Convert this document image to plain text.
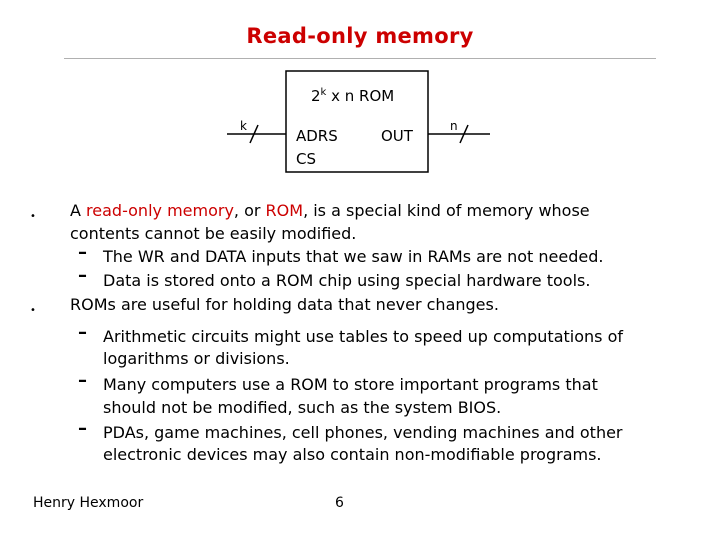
Read-only memory
2$^k$ x n ROM
k
ADRS
CS
OUT
n
• A read-only memory, or ROM, is a special kind of memory whose
contents cannot be easily modified.
– The WR and DATA inputs that we saw in RAMs are not needed.
– Data is stored onto a ROM chip using special hardware tools.
• ROMs are useful for holding data that never changes.
– Arithmetic circuits might use tables to speed up computations of
logarithms or divisions.
– Many computers use a ROM to store important programs that
should not be modified, such as the system BIOS.
– PDAs, game machines, cell phones, vending machines and other
electronic devices may also contain non-modifiable programs.
Henry Hexmoor	6
